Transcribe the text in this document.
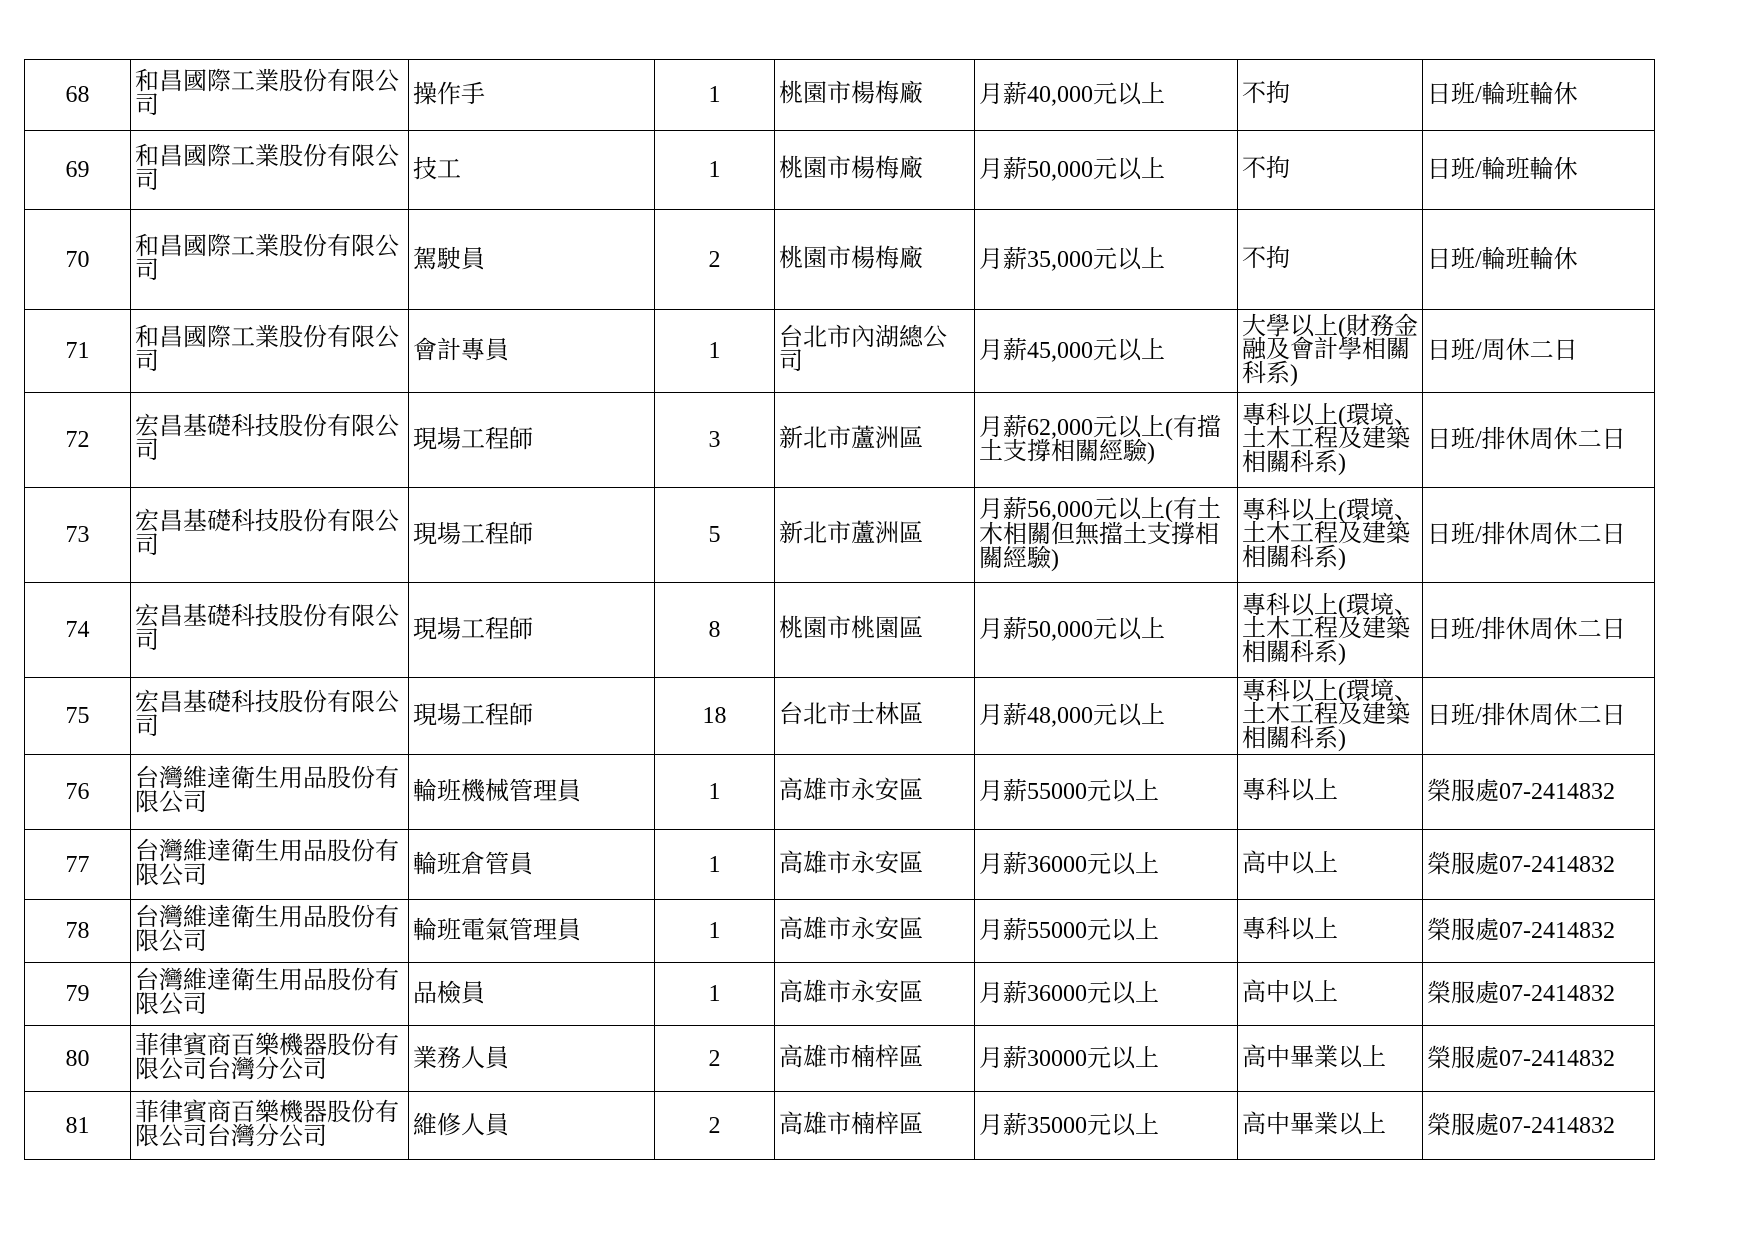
68	和昌國際工業股份有限公司	操作手	1	桃園市楊梅廠	月薪40,000元以上	不拘	日班/輪班輪休
69	和昌國際工業股份有限公司	技工	1	桃園市楊梅廠	月薪50,000元以上	不拘	日班/輪班輪休
70	和昌國際工業股份有限公司	駕駛員	2	桃園市楊梅廠	月薪35,000元以上	不拘	日班/輪班輪休
71	和昌國際工業股份有限公司	會計專員	1	台北市內湖總公司	月薪45,000元以上	大學以上(財務金融及會計學相關科系)	日班/周休二日
72	宏昌基礎科技股份有限公司	現場工程師	3	新北市蘆洲區	月薪62,000元以上(有擋土支撐相關經驗)	專科以上(環境、土木工程及建築相關科系)	日班/排休周休二日
73	宏昌基礎科技股份有限公司	現場工程師	5	新北市蘆洲區	月薪56,000元以上(有土木相關但無擋土支撐相關經驗)	專科以上(環境、土木工程及建築相關科系)	日班/排休周休二日
74	宏昌基礎科技股份有限公司	現場工程師	8	桃園市桃園區	月薪50,000元以上	專科以上(環境、土木工程及建築相關科系)	日班/排休周休二日
75	宏昌基礎科技股份有限公司	現場工程師	18	台北市士林區	月薪48,000元以上	專科以上(環境、土木工程及建築相關科系)	日班/排休周休二日
76	台灣維達衛生用品股份有限公司	輪班機械管理員	1	高雄市永安區	月薪55000元以上	專科以上	榮服處07-2414832
77	台灣維達衛生用品股份有限公司	輪班倉管員	1	高雄市永安區	月薪36000元以上	高中以上	榮服處07-2414832
78	台灣維達衛生用品股份有限公司	輪班電氣管理員	1	高雄市永安區	月薪55000元以上	專科以上	榮服處07-2414832
79	台灣維達衛生用品股份有限公司	品檢員	1	高雄市永安區	月薪36000元以上	高中以上	榮服處07-2414832
80	菲律賓商百樂機器股份有限公司台灣分公司	業務人員	2	高雄市楠梓區	月薪30000元以上	高中畢業以上	榮服處07-2414832
81	菲律賓商百樂機器股份有限公司台灣分公司	維修人員	2	高雄市楠梓區	月薪35000元以上	高中畢業以上	榮服處07-2414832
